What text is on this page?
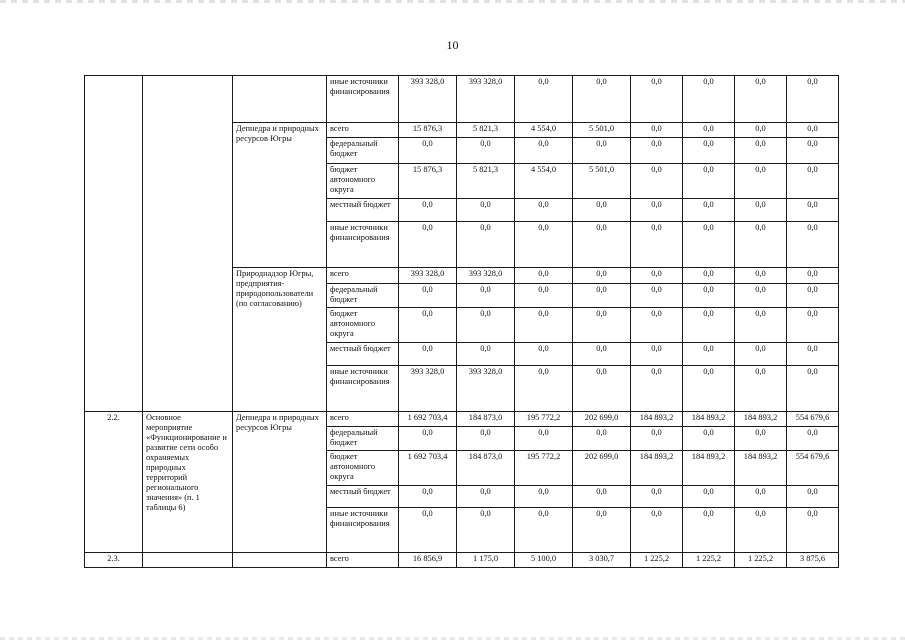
10
			иные источники финансирования	393 328,0	393 328,0	0,0	0,0	0,0	0,0	0,0	0,0
		Депнедра и природных ресурсов Югры	всего	15 876,3	5 821,3	4 554,0	5 501,0	0,0	0,0	0,0	0,0
			федеральный бюджет	0,0	0,0	0,0	0,0	0,0	0,0	0,0	0,0
			бюджет автономного округа	15 876,3	5 821,3	4 554,0	5 501,0	0,0	0,0	0,0	0,0
			местный бюджет	0,0	0,0	0,0	0,0	0,0	0,0	0,0	0,0
			иные источники финансирования	0,0	0,0	0,0	0,0	0,0	0,0	0,0	0,0
		Природнадзор Югры, предприятия-природопользователи (по согласованию)	всего	393 328,0	393 328,0	0,0	0,0	0,0	0,0	0,0	0,0
			федеральный бюджет	0,0	0,0	0,0	0,0	0,0	0,0	0,0	0,0
			бюджет автономного округа	0,0	0,0	0,0	0,0	0,0	0,0	0,0	0,0
			местный бюджет	0,0	0,0	0,0	0,0	0,0	0,0	0,0	0,0
			иные источники финансирования	393 328,0	393 328,0	0,0	0,0	0,0	0,0	0,0	0,0
2.2.	Основное мероприятие «Функционирование и развитие сети особо охраняемых природных территорий регионального значения» (п. 1 таблицы 6)	Депнедра и природных ресурсов Югры	всего	1 692 703,4	184 873,0	195 772,2	202 699,0	184 893,2	184 893,2	184 893,2	554 679,6
			федеральный бюджет	0,0	0,0	0,0	0,0	0,0	0,0	0,0	0,0
			бюджет автономного округа	1 692 703,4	184 873,0	195 772,2	202 699,0	184 893,2	184 893,2	184 893,2	554 679,6
			местный бюджет	0,0	0,0	0,0	0,0	0,0	0,0	0,0	0,0
			иные источники финансирования	0,0	0,0	0,0	0,0	0,0	0,0	0,0	0,0
2.3.			всего	16 856,9	1 175,0	5 100,0	3 030,7	1 225,2	1 225,2	1 225,2	3 875,6
